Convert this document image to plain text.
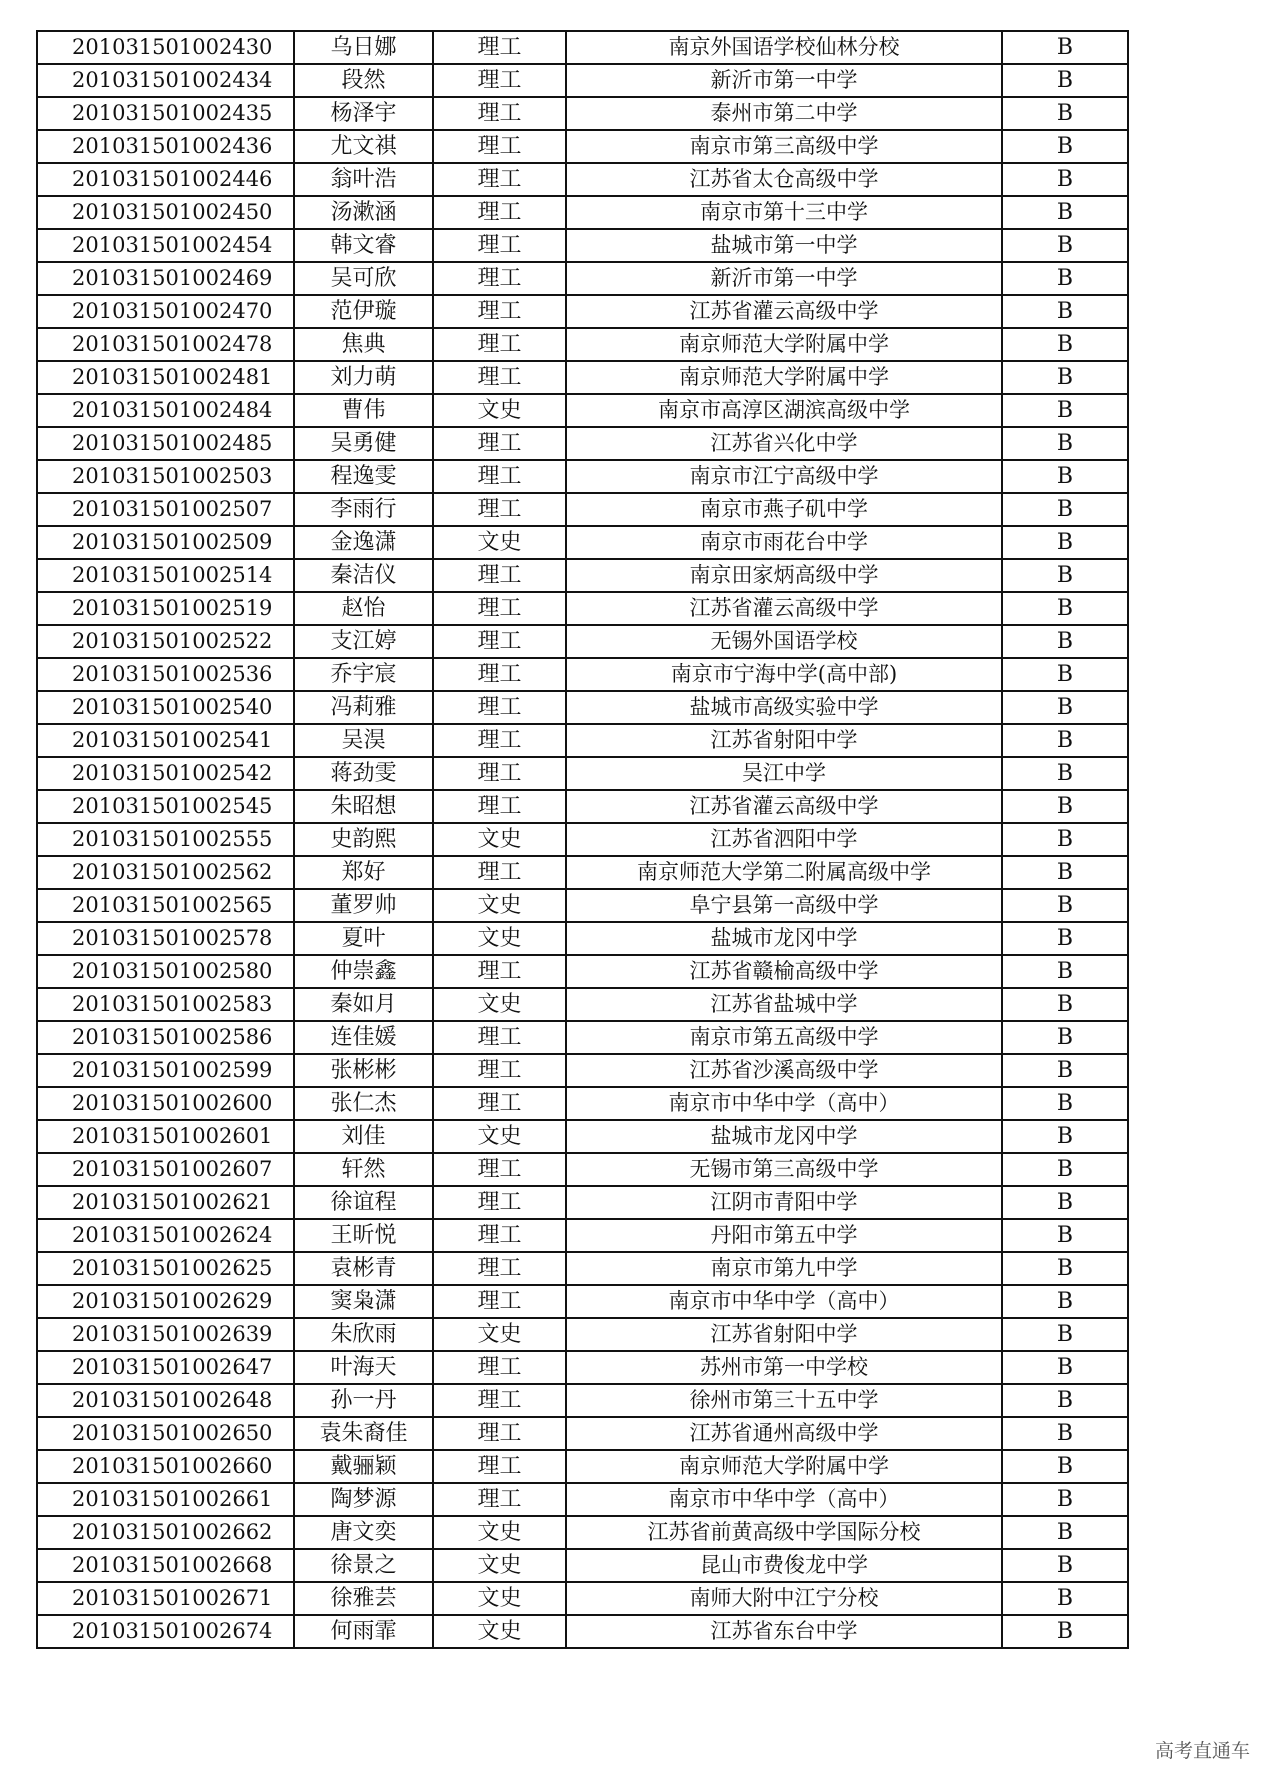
201031501002430	乌日娜	理工	南京外国语学校仙林分校	B
201031501002434	段然	理工	新沂市第一中学	B
201031501002435	杨泽宇	理工	泰州市第二中学	B
201031501002436	尤文祺	理工	南京市第三高级中学	B
201031501002446	翁叶浩	理工	江苏省太仓高级中学	B
201031501002450	汤漱涵	理工	南京市第十三中学	B
201031501002454	韩文睿	理工	盐城市第一中学	B
201031501002469	吴可欣	理工	新沂市第一中学	B
201031501002470	范伊璇	理工	江苏省灌云高级中学	B
201031501002478	焦典	理工	南京师范大学附属中学	B
201031501002481	刘力萌	理工	南京师范大学附属中学	B
201031501002484	曹伟	文史	南京市高淳区湖滨高级中学	B
201031501002485	吴勇健	理工	江苏省兴化中学	B
201031501002503	程逸雯	理工	南京市江宁高级中学	B
201031501002507	李雨行	理工	南京市燕子矶中学	B
201031501002509	金逸潇	文史	南京市雨花台中学	B
201031501002514	秦洁仪	理工	南京田家炳高级中学	B
201031501002519	赵怡	理工	江苏省灌云高级中学	B
201031501002522	支江婷	理工	无锡外国语学校	B
201031501002536	乔宇宸	理工	南京市宁海中学(高中部)	B
201031501002540	冯莉雅	理工	盐城市高级实验中学	B
201031501002541	吴淏	理工	江苏省射阳中学	B
201031501002542	蒋劲雯	理工	吴江中学	B
201031501002545	朱昭想	理工	江苏省灌云高级中学	B
201031501002555	史韵熙	文史	江苏省泗阳中学	B
201031501002562	郑好	理工	南京师范大学第二附属高级中学	B
201031501002565	董罗帅	文史	阜宁县第一高级中学	B
201031501002578	夏叶	文史	盐城市龙冈中学	B
201031501002580	仲崇鑫	理工	江苏省赣榆高级中学	B
201031501002583	秦如月	文史	江苏省盐城中学	B
201031501002586	连佳媛	理工	南京市第五高级中学	B
201031501002599	张彬彬	理工	江苏省沙溪高级中学	B
201031501002600	张仁杰	理工	南京市中华中学（高中）	B
201031501002601	刘佳	文史	盐城市龙冈中学	B
201031501002607	轩然	理工	无锡市第三高级中学	B
201031501002621	徐谊程	理工	江阴市青阳中学	B
201031501002624	王昕悦	理工	丹阳市第五中学	B
201031501002625	袁彬青	理工	南京市第九中学	B
201031501002629	窦枭潇	理工	南京市中华中学（高中）	B
201031501002639	朱欣雨	文史	江苏省射阳中学	B
201031501002647	叶海天	理工	苏州市第一中学校	B
201031501002648	孙一丹	理工	徐州市第三十五中学	B
201031501002650	袁朱裔佳	理工	江苏省通州高级中学	B
201031501002660	戴骊颖	理工	南京师范大学附属中学	B
201031501002661	陶梦源	理工	南京市中华中学（高中）	B
201031501002662	唐文奕	文史	江苏省前黄高级中学国际分校	B
201031501002668	徐景之	文史	昆山市费俊龙中学	B
201031501002671	徐雅芸	文史	南师大附中江宁分校	B
201031501002674	何雨霏	文史	江苏省东台中学	B
高考直通车
